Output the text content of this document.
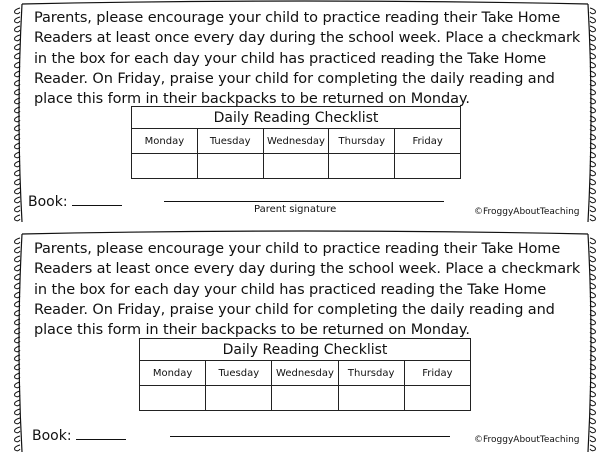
Parents, please encourage your child to practice reading their Take Home Readers at least once every day during the school week. Place a checkmark in the box for each day your child has practiced reading the Take Home Reader. On Friday, praise your child for completing the daily reading and place this form in their backpacks to be returned on Monday.
Daily Reading Checklist
Monday	Tuesday	Wednesday	Thursday	Friday

Book:	Parent signature	©FroggyAboutTeaching
Parents, please encourage your child to practice reading their Take Home Readers at least once every day during the school week. Place a checkmark in the box for each day your child has practiced reading the Take Home Reader. On Friday, praise your child for completing the daily reading and place this form in their backpacks to be returned on Monday.
Daily Reading Checklist
Monday	Tuesday	Wednesday	Thursday	Friday

Book:	©FroggyAboutTeaching
